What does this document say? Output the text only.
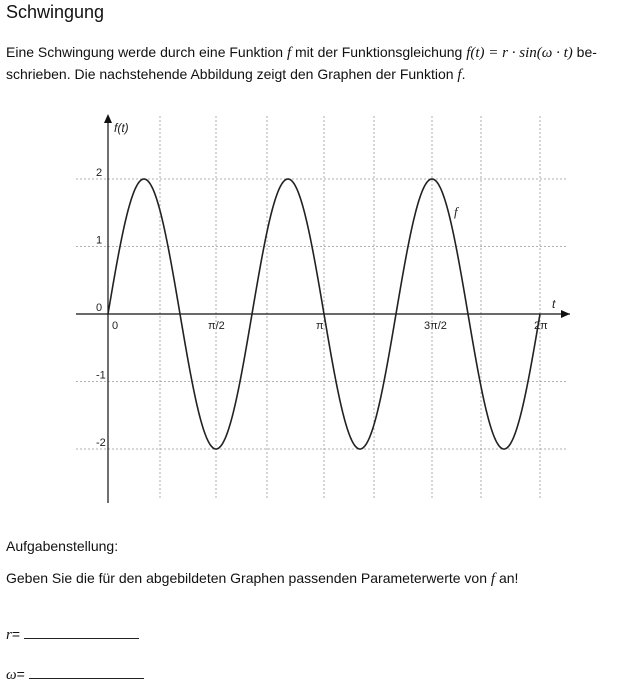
Schwingung
Eine Schwingung werde durch eine Funktion f mit der Funktionsgleichung f(t) = r · sin(ω · t) be-
schrieben. Die nachstehende Abbildung zeigt den Graphen der Funktion f.
f(t)
t
2
1
0
-1
-2
0	π/2	π	3π/2	2π
f
Aufgabenstellung:
Geben Sie die für den abgebildeten Graphen passenden Parameterwerte von f an!
r =
ω =
